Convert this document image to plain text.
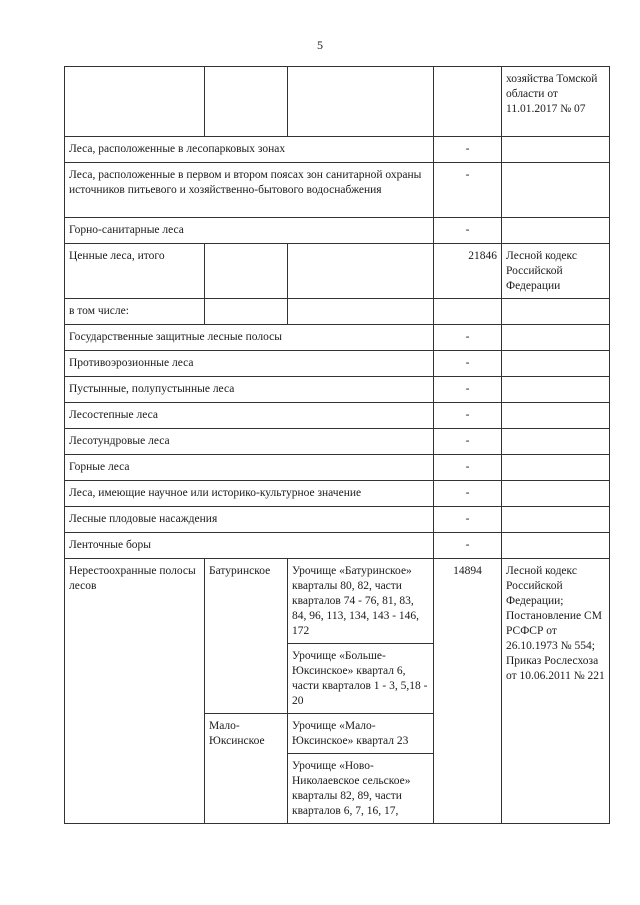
5
				хозяйства Томской области от 11.01.2017 № 07
Леса, расположенные в лесопарковых зонах			-	
Леса, расположенные в первом и втором поясах зон санитарной охраны источников питьевого и хозяйственно-бытового водоснабжения			-	
Горно-санитарные леса			-	
Ценные леса, итого			21846	Лесной кодекс Российской Федерации
в том числе:				
Государственные защитные лесные полосы			-	
Противоэрозионные леса			-	
Пустынные, полупустынные леса			-	
Лесостепные леса			-	
Лесотундровые леса			-	
Горные леса			-	
Леса, имеющие научное или историко-культурное значение			-	
Лесные плодовые насаждения			-	
Ленточные боры			-	
Нерестоохранные полосы лесов	Батуринское	Урочище «Батуринское» кварталы 80, 82, части кварталов 74 - 76, 81, 83, 84, 96, 113, 134, 143 - 146, 172	14894	Лесной кодекс Российской Федерации; Постановление СМ РСФСР от 26.10.1973 № 554; Приказ Рослесхоза от 10.06.2011 № 221
		Урочище «Больше-Юксинское» квартал 6, части кварталов 1 - 3, 5,18 - 20		
	Мало-Юксинское	Урочище «Мало-Юксинское» квартал 23		
		Урочище «Ново-Николаевское сельское» кварталы 82, 89, части кварталов 6, 7, 16, 17,		
